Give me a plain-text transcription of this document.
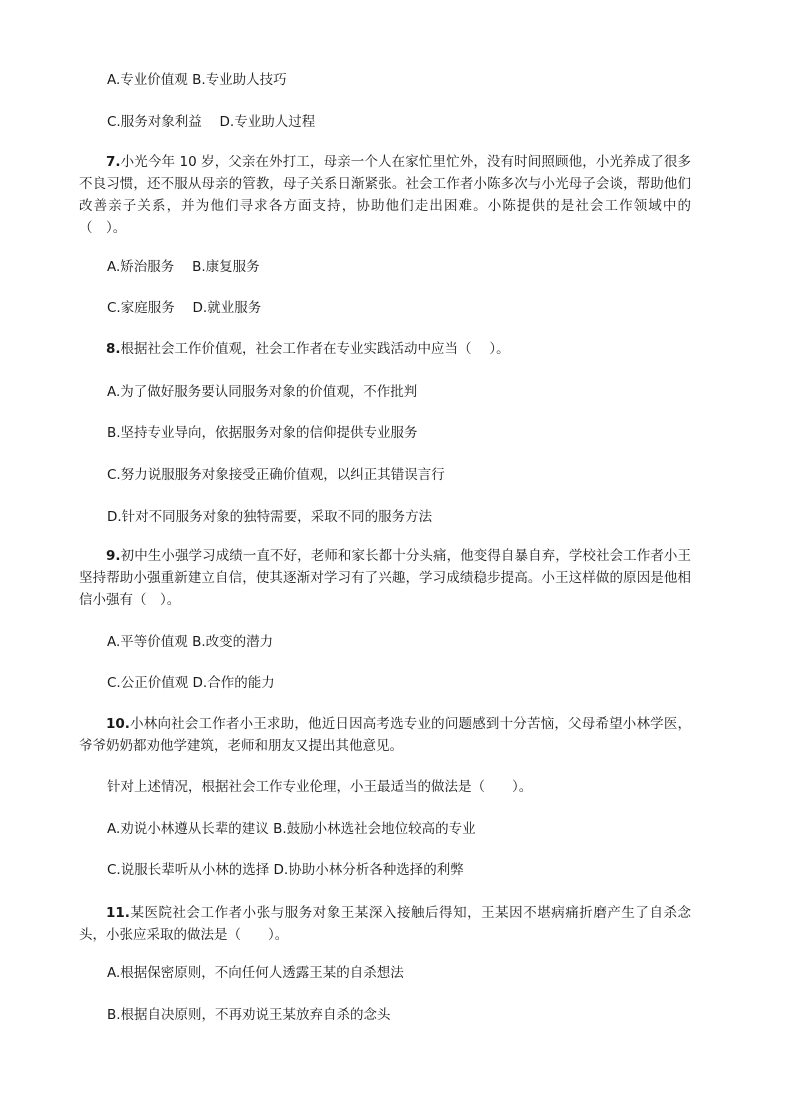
A.专业价值观 B.专业助人技巧
C.服务对象利益　 D.专业助人过程
7.小光今年 10 岁，父亲在外打工，母亲一个人在家忙里忙外，没有时间照顾他，小光养成了很多不良习惯，还不服从母亲的管教，母子关系日渐紧张。社会工作者小陈多次与小光母子会谈，帮助他们改善亲子关系，并为他们寻求各方面支持，协助他们走出困难。小陈提供的是社会工作领域中的（　）。
A.矫治服务　 B.康复服务
C.家庭服务　 D.就业服务
8.根据社会工作价值观，社会工作者在专业实践活动中应当（　 ）。
A.为了做好服务要认同服务对象的价值观，不作批判
B.坚持专业导向，依据服务对象的信仰提供专业服务
C.努力说服服务对象接受正确价值观，以纠正其错误言行
D.针对不同服务对象的独特需要，采取不同的服务方法
9.初中生小强学习成绩一直不好，老师和家长都十分头痛，他变得自暴自弃，学校社会工作者小王坚持帮助小强重新建立自信，使其逐渐对学习有了兴趣，学习成绩稳步提高。小王这样做的原因是他相信小强有（　）。
A.平等价值观 B.改变的潜力
C.公正价值观 D.合作的能力
10.小林向社会工作者小王求助，他近日因高考选专业的问题感到十分苦恼，父母希望小林学医，爷爷奶奶都劝他学建筑，老师和朋友又提出其他意见。
针对上述情况，根据社会工作专业伦理，小王最适当的做法是（　　）。
A.劝说小林遵从长辈的建议 B.鼓励小林选社会地位较高的专业
C.说服长辈听从小林的选择 D.协助小林分析各种选择的利弊
11.某医院社会工作者小张与服务对象王某深入接触后得知，王某因不堪病痛折磨产生了自杀念头，小张应采取的做法是（　　）。
A.根据保密原则，不向任何人透露王某的自杀想法
B.根据自决原则，不再劝说王某放弃自杀的念头
